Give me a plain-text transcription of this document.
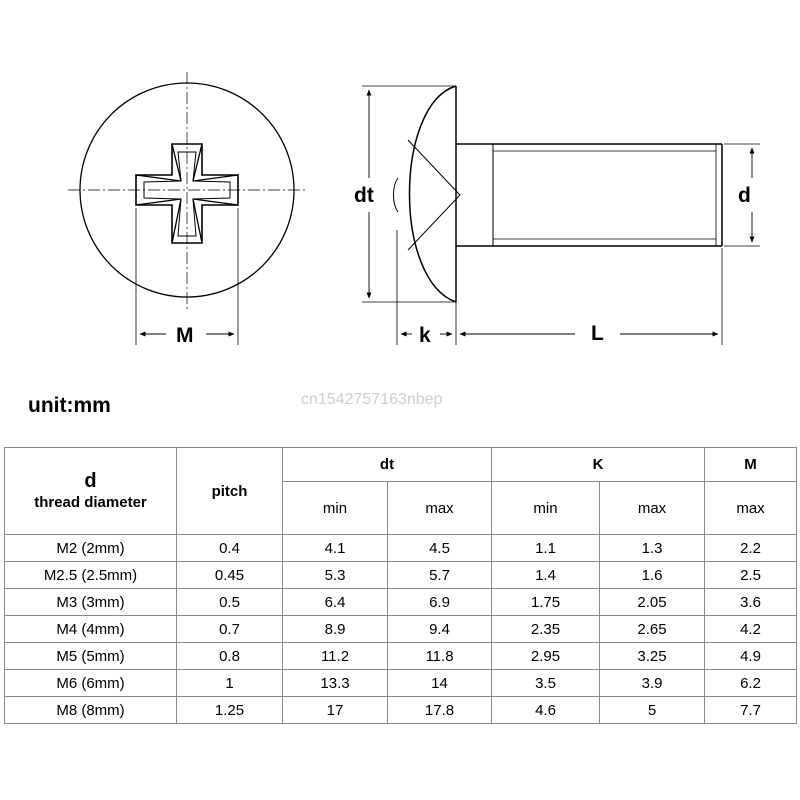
M
dt	d
k	L
unit:mm	cn1542757163nbep
d
thread diameter	pitch	dt		K		M
		min	max	min	max	max
M2 (2mm)	0.4	4.1	4.5	1.1	1.3	2.2
M2.5 (2.5mm)	0.45	5.3	5.7	1.4	1.6	2.5
M3 (3mm)	0.5	6.4	6.9	1.75	2.05	3.6
M4 (4mm)	0.7	8.9	9.4	2.35	2.65	4.2
M5 (5mm)	0.8	11.2	11.8	2.95	3.25	4.9
M6 (6mm)	1	13.3	14	3.5	3.9	6.2
M8 (8mm)	1.25	17	17.8	4.6	5	7.7
